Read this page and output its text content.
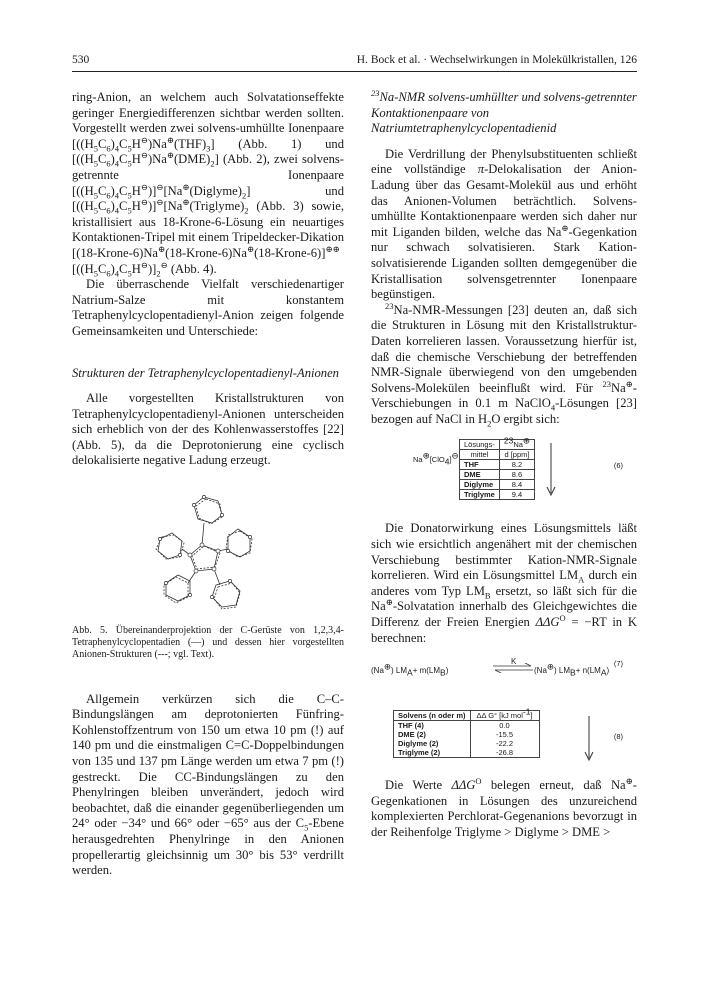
530	H. Bock et al. · Wechselwirkungen in Molekülkristallen, 126

ring-Anion, an welchem auch Solvatationseffekte geringer Energiedifferenzen sichtbar werden sollten. Vorgestellt werden zwei solvens-umhüllte Ionenpaare $[((H_5C_6)_4C_5H^⊖)Na^\oplus(THF)_3]$ (Abb. 1) und $[((H_5C_6)_4C_5H^⊖)Na^\oplus(DME)_2]$ (Abb. 2), zwei solvens-getrennte Ionenpaare $[((H_5C_6)_4C_5H^⊖)]^⊖[Na^\oplus(Diglyme)_2]$ und $[((H_5C_6)_4C_5H^⊖)]^⊖[Na^\oplus(Triglyme)_2$ (Abb. 3) sowie, kristallisiert aus 18-Krone-6-Lösung ein neuartiges Kontaktionen-Tripel mit einem Tripeldecker-Dikation [(18-Krone-6)Na⊕(18-Krone-6)Na⊕(18-Krone-6)]⊕⊕ $[((H_5C_6)_4C_5H^⊖)]_2^⊖$ (Abb. 4).

Die überraschende Vielfalt verschiedenartiger Natrium-Salze mit konstantem Tetraphenylcyclopentadienyl-Anion zeigen folgende Gemeinsamkeiten und Unterschiede:

Strukturen der Tetraphenylcyclopentadienyl-Anionen

Alle vorgestellten Kristallstrukturen von Tetraphenylcyclopentadienyl-Anionen unterscheiden sich erheblich von der des Kohlenwasserstoffes [22] (Abb. 5), da die Deprotonierung eine cyclisch delokalisierte negative Ladung erzeugt.

Abb. 5. Übereinanderprojektion der C-Gerüste von 1,2,3,4-Tetraphenylcyclopentadien (—) und dessen hier vorgestellten Anionen-Strukturen (---; vgl. Text).

Allgemein verkürzen sich die C–C-Bindungslängen am deprotonierten Fünfring-Kohlenstoffzentrum von 150 um etwa 10 pm (!) auf 140 pm und die einstmaligen C=C-Doppelbindungen von 135 und 137 pm Länge werden um etwa 7 pm (!) gestreckt. Die CC-Bindungslängen zu den Phenylringen bleiben unverändert, jedoch wird beobachtet, daß die einander gegenüberliegenden um 24° oder −34° und 66° oder −65° aus der $C_5$-Ebene herausgedrehten Phenylringe in den Anionen propellerartig gleichsinnig um 30° bis 53° verdrillt werden.

$^{23}$Na-NMR solvens-umhüllter und solvens-getrennter Kontaktionenpaare von Natriumtetraphenylcyclopentadienid

Die Verdrillung der Phenylsubstituenten schließt eine vollständige π-Delokalisation der Anion-Ladung über das Gesamt-Molekül aus und erhöht das Anionen-Volumen beträchtlich. Solvens-umhüllte Kontaktionenpaare werden sich daher nur mit Liganden bilden, welche das Na⊕-Gegenkation nur schwach solvatisieren. Stark Kation-solvatisierende Liganden sollten demgegenüber die Kristallisation solvensgetrennter Ionenpaare begünstigen.

$^{23}$Na-NMR-Messungen [23] deuten an, daß sich die Strukturen in Lösung mit den Kristallstruktur-Daten korrelieren lassen. Voraussetzung hierfür ist, daß die chemische Verschiebung der betreffenden NMR-Signale überwiegend von den umgebenden Solvens-Molekülen beeinflußt wird. Für $^{23}$Na⊕-Verschiebungen in 0.1 m NaClO$_4$-Lösungen [23] bezogen auf NaCl in $H_2O$ ergibt sich:

Na⊕[ClO$_4$]⊖:
Lösungs-	$^{23}$Na⊕
mittel	d [ppm]
THF	8.2
DME	8.6
Diglyme	8.4
Triglyme	9.4
(6)

Die Donatorwirkung eines Lösungsmittels läßt sich wie ersichtlich angenähert mit der chemischen Verschiebung bestimmter Kation-NMR-Signale korrelieren. Wird ein Lösungsmittel $LM_A$ durch ein anderes vom Typ $LM_B$ ersetzt, so läßt sich für die Na⊕-Solvatation innerhalb des Gleichgewichtes die Differenz der Freien Energien $\Delta\Delta G^O = -RT$ in K berechnen:

(Na⊕) $LM_A+ m(LM_B)$
K
(Na⊕) $LM_B+ n(LM_A)$
(7)
Solvens (n oder m)	ΔΔ G° [kJ mol$^{-1}$]
THF (4)	0.0
DME (2)	-15.5
Diglyme (2)	-22.2
Triglyme (2)	-26.8
(8)

Die Werte $\Delta\Delta G^O$ belegen erneut, daß Na⊕-Gegenkationen in Lösungen des unzureichend komplexierten Perchlorat-Gegenanions bevorzugt in der Reihenfolge Triglyme > Diglyme > DME >
